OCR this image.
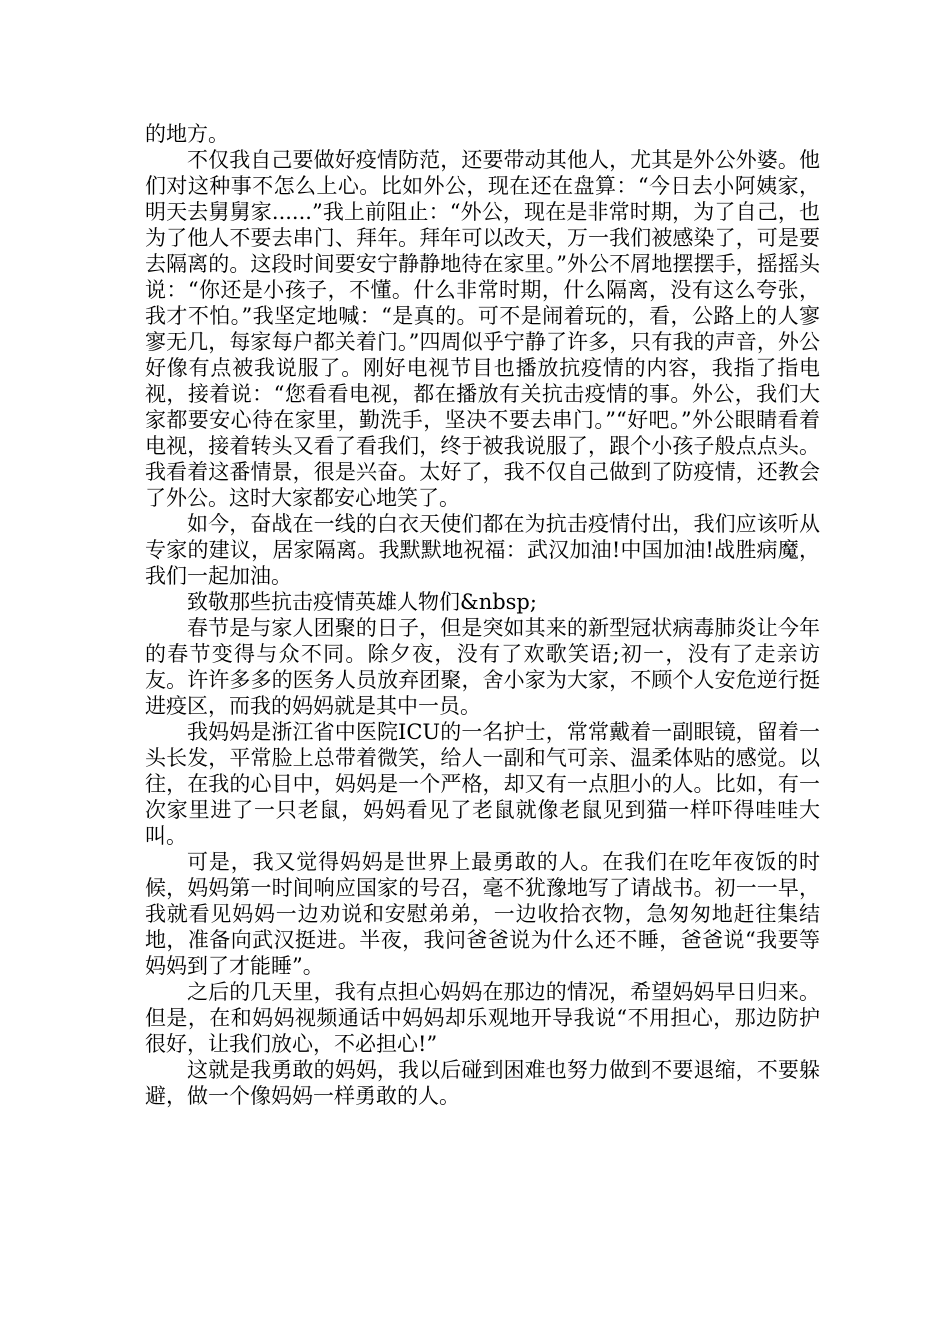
的地方。

不仅我自己要做好疫情防范，还要带动其他人，尤其是外公外婆。他们对这种事不怎么上心。比如外公，现在还在盘算：“今日去小阿姨家，明天去舅舅家......”我上前阻止：“外公，现在是非常时期，为了自己，也为了他人不要去串门、拜年。拜年可以改天，万一我们被感染了，可是要去隔离的。这段时间要安宁静静地待在家里。”外公不屑地摆摆手，摇摇头说：“你还是小孩子，不懂。什么非常时期，什么隔离，没有这么夸张，我才不怕。”我坚定地喊：“是真的。可不是闹着玩的，看，公路上的人寥寥无几，每家每户都关着门。”四周似乎宁静了许多，只有我的声音，外公好像有点被我说服了。刚好电视节目也播放抗疫情的内容，我指了指电视，接着说：“您看看电视，都在播放有关抗击疫情的事。外公，我们大家都要安心待在家里，勤洗手，坚决不要去串门。”“好吧。”外公眼睛看着电视，接着转头又看了看我们，终于被我说服了，跟个小孩子般点点头。我看着这番情景，很是兴奋。太好了，我不仅自己做到了防疫情，还教会了外公。这时大家都安心地笑了。

如今，奋战在一线的白衣天使们都在为抗击疫情付出，我们应该听从专家的建议，居家隔离。我默默地祝福：武汉加油!中国加油!战胜病魔，我们一起加油。

致敬那些抗击疫情英雄人物们&nbsp;

春节是与家人团聚的日子，但是突如其来的新型冠状病毒肺炎让今年的春节变得与众不同。除夕夜，没有了欢歌笑语;初一，没有了走亲访友。许许多多的医务人员放弃团聚，舍小家为大家，不顾个人安危逆行挺进疫区，而我的妈妈就是其中一员。

我妈妈是浙江省中医院ICU的一名护士，常常戴着一副眼镜，留着一头长发，平常脸上总带着微笑，给人一副和气可亲、温柔体贴的感觉。以往，在我的心目中，妈妈是一个严格，却又有一点胆小的人。比如，有一次家里进了一只老鼠，妈妈看见了老鼠就像老鼠见到猫一样吓得哇哇大叫。

可是，我又觉得妈妈是世界上最勇敢的人。在我们在吃年夜饭的时候，妈妈第一时间响应国家的号召，毫不犹豫地写了请战书。初一一早，我就看见妈妈一边劝说和安慰弟弟，一边收拾衣物，急匆匆地赶往集结地，准备向武汉挺进。半夜，我问爸爸说为什么还不睡，爸爸说“我要等妈妈到了才能睡”。

之后的几天里，我有点担心妈妈在那边的情况，希望妈妈早日归来。但是，在和妈妈视频通话中妈妈却乐观地开导我说“不用担心，那边防护很好，让我们放心，不必担心!”

这就是我勇敢的妈妈，我以后碰到困难也努力做到不要退缩，不要躲避，做一个像妈妈一样勇敢的人。
